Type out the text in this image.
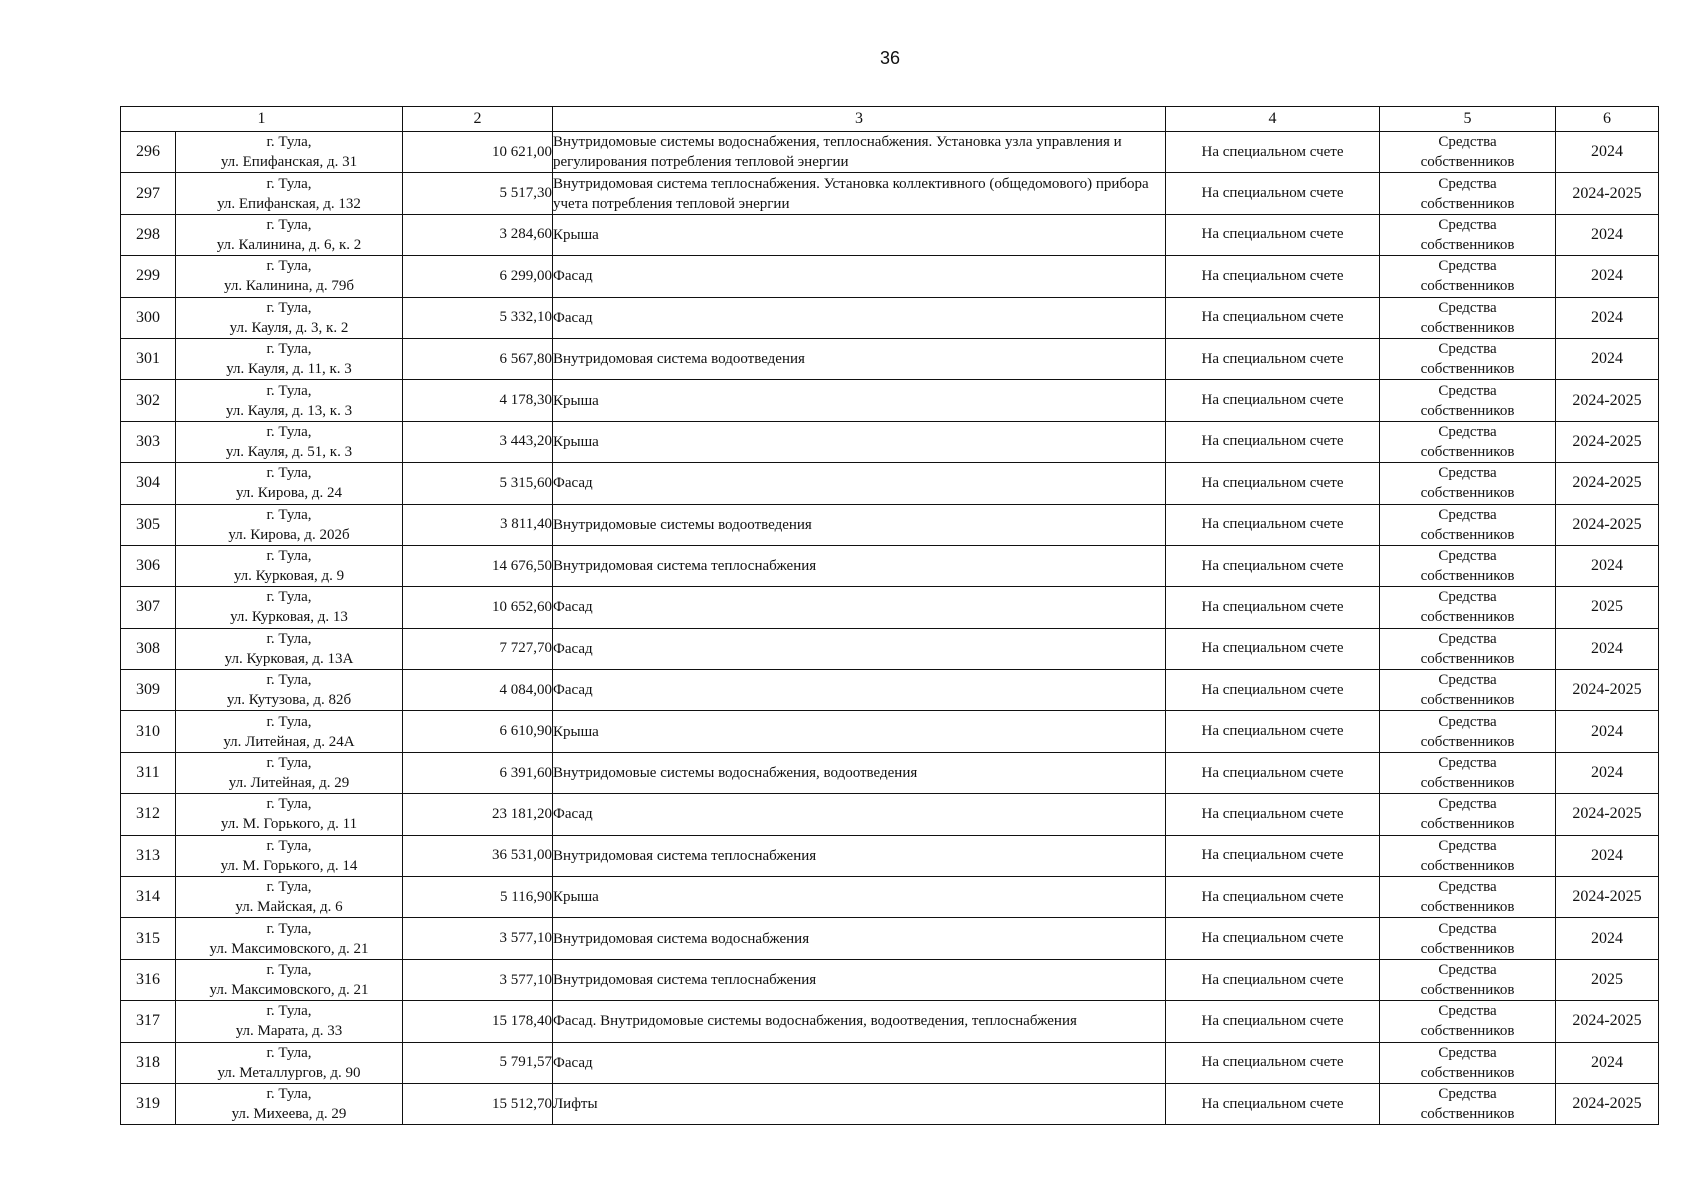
36
1		2	3	4	5	6
296	г. Тула,
ул. Епифанская, д. 31	10 621,00	Внутридомовые системы водоснабжения, теплоснабжения. Установка узла управления и регулирования потребления тепловой энергии	На специальном счете	Средства
собственников	2024
297	г. Тула,
ул. Епифанская, д. 132	5 517,30	Внутридомовая система теплоснабжения. Установка коллективного (общедомового) прибора учета потребления тепловой энергии	На специальном счете	Средства
собственников	2024-2025
298	г. Тула,
ул. Калинина, д. 6, к. 2	3 284,60	Крыша	На специальном счете	Средства
собственников	2024
299	г. Тула,
ул. Калинина, д. 79б	6 299,00	Фасад	На специальном счете	Средства
собственников	2024
300	г. Тула,
ул. Кауля, д. 3, к. 2	5 332,10	Фасад	На специальном счете	Средства
собственников	2024
301	г. Тула,
ул. Кауля, д. 11, к. 3	6 567,80	Внутридомовая система водоотведения	На специальном счете	Средства
собственников	2024
302	г. Тула,
ул. Кауля, д. 13, к. 3	4 178,30	Крыша	На специальном счете	Средства
собственников	2024-2025
303	г. Тула,
ул. Кауля, д. 51, к. 3	3 443,20	Крыша	На специальном счете	Средства
собственников	2024-2025
304	г. Тула,
ул. Кирова, д. 24	5 315,60	Фасад	На специальном счете	Средства
собственников	2024-2025
305	г. Тула,
ул. Кирова, д. 202б	3 811,40	Внутридомовые системы водоотведения	На специальном счете	Средства
собственников	2024-2025
306	г. Тула,
ул. Курковая, д. 9	14 676,50	Внутридомовая система теплоснабжения	На специальном счете	Средства
собственников	2024
307	г. Тула,
ул. Курковая, д. 13	10 652,60	Фасад	На специальном счете	Средства
собственников	2025
308	г. Тула,
ул. Курковая, д. 13А	7 727,70	Фасад	На специальном счете	Средства
собственников	2024
309	г. Тула,
ул. Кутузова, д. 82б	4 084,00	Фасад	На специальном счете	Средства
собственников	2024-2025
310	г. Тула,
ул. Литейная, д. 24А	6 610,90	Крыша	На специальном счете	Средства
собственников	2024
311	г. Тула,
ул. Литейная, д. 29	6 391,60	Внутридомовые системы водоснабжения, водоотведения	На специальном счете	Средства
собственников	2024
312	г. Тула,
ул. М. Горького, д. 11	23 181,20	Фасад	На специальном счете	Средства
собственников	2024-2025
313	г. Тула,
ул. М. Горького, д. 14	36 531,00	Внутридомовая система теплоснабжения	На специальном счете	Средства
собственников	2024
314	г. Тула,
ул. Майская, д. 6	5 116,90	Крыша	На специальном счете	Средства
собственников	2024-2025
315	г. Тула,
ул. Максимовского, д. 21	3 577,10	Внутридомовая система водоснабжения	На специальном счете	Средства
собственников	2024
316	г. Тула,
ул. Максимовского, д. 21	3 577,10	Внутридомовая система теплоснабжения	На специальном счете	Средства
собственников	2025
317	г. Тула,
ул. Марата, д. 33	15 178,40	Фасад. Внутридомовые системы водоснабжения, водоотведения, теплоснабжения	На специальном счете	Средства
собственников	2024-2025
318	г. Тула,
ул. Металлургов, д. 90	5 791,57	Фасад	На специальном счете	Средства
собственников	2024
319	г. Тула,
ул. Михеева, д. 29	15 512,70	Лифты	На специальном счете	Средства
собственников	2024-2025
